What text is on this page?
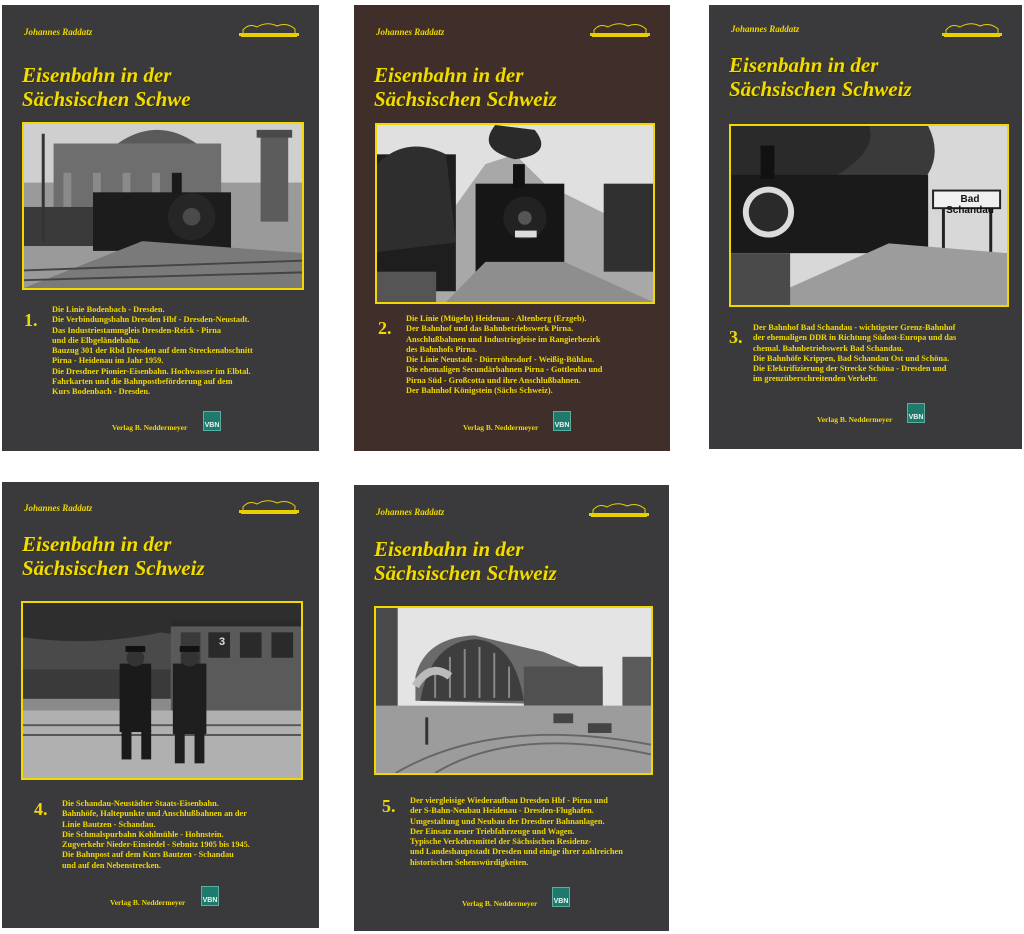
Johannes Raddatz
Eisenbahn in der
Sächsischen Schwe
1.
Die Linie Bodenbach - Dresden.
Die Verbindungsbahn Dresden Hbf - Dresden-Neustadt.
Das Industriestammgleis Dresden-Reick - Pirna
und die Elbgeländebahn.
Bauzug 301 der Rbd Dresden auf dem Streckenabschnitt
Pirna - Heidenau im Jahr 1959.
Die Dresdner Pionier-Eisenbahn. Hochwasser im Elbtal.
Fahrkarten und die Bahnpostbeförderung auf dem
Kurs Bodenbach - Dresden.
Verlag B. Neddermeyer VBN
Johannes Raddatz
Eisenbahn in der
Sächsischen Schweiz
2. Die Linie (Mügeln) Heidenau - Altenberg (Erzgeb).
Der Bahnhof und das Bahnbetriebswerk Pirna.
Anschlußbahnen und Industriegleise im Rangierbezirk
des Bahnhofs Pirna.
Die Linie Neustadt - Dürrröhrsdorf - Weißig-Bühlau.
Die ehemaligen Secundärbahnen Pirna - Gottleuba und
Pirna Süd - Großcotta und ihre Anschlußbahnen.
Der Bahnhof Königstein (Sächs Schweiz).
Verlag B. Neddermeyer VBN
Johannes Raddatz
Eisenbahn in der
Sächsischen Schweiz
Bad Schandau
3. Der Bahnhof Bad Schandau - wichtigster Grenz-Bahnhof
der ehemaligen DDR in Richtung Südost-Europa und das
chemal. Bahnbetriebswerk Bad Schandau.
Die Bahnhöfe Krippen, Bad Schandau Ost und Schöna.
Die Elektrifizierung der Strecke Schöna - Dresden und
im grenzüberschreitenden Verkehr.
Verlag B. Neddermeyer VBN
Johannes Raddatz
Eisenbahn in der
Sächsischen Schweiz
3
4. Die Schandau-Neustädter Staats-Eisenbahn.
Bahnhöfe, Haltepunkte und Anschlußbahnen an der
Linie Bautzen - Schandau.
Die Schmalspurbahn Kohlmühle - Hohnstein.
Zugverkehr Nieder-Einsiedel - Sebnitz 1905 bis 1945.
Die Bahnpost auf dem Kurs Bautzen - Schandau
und auf den Nebenstrecken.
Verlag B. Neddermeyer VBN
Johannes Raddatz
Eisenbahn in der
Sächsischen Schweiz
5. Der viergleisige Wiederaufbau Dresden Hbf - Pirna und
der S-Bahn-Neubau Heidenau - Dresden-Flughafen.
Umgestaltung und Neubau der Dresdner Bahnanlagen.
Der Einsatz neuer Triebfahrzeuge und Wagen.
Typische Verkehrsmittel der Sächsischen Residenz-
und Landeshauptstadt Dresden und einige ihrer zahlreichen
historischen Sehenswürdigkeiten.
Verlag B. Neddermeyer VBN
